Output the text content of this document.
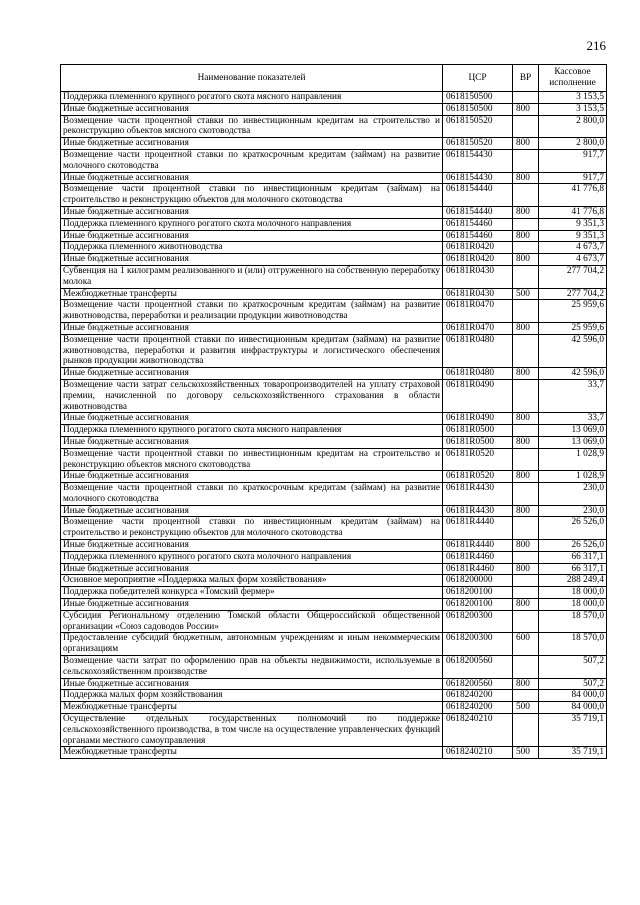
216
Наименование показателей	ЦСР	ВР	Кассовое исполнение
Поддержка племенного крупного рогатого скота мясного направления	0618150500		3 153,5
Иные бюджетные ассигнования	0618150500	800	3 153,5
Возмещение части процентной ставки по инвестиционным кредитам на строительство и реконструкцию объектов мясного скотоводства	0618150520		2 800,0
Иные бюджетные ассигнования	0618150520	800	2 800,0
Возмещение части процентной ставки по краткосрочным кредитам (займам) на развитие молочного скотоводства	0618154430		917,7
Иные бюджетные ассигнования	0618154430	800	917,7
Возмещение части процентной ставки по инвестиционным кредитам (займам) на строительство и реконструкцию объектов для молочного скотоводства	0618154440		41 776,8
Иные бюджетные ассигнования	0618154440	800	41 776,8
Поддержка племенного крупного рогатого скота молочного направления	0618154460		9 351,3
Иные бюджетные ассигнования	0618154460	800	9 351,3
Поддержка племенного животноводства	06181R0420		4 673,7
Иные бюджетные ассигнования	06181R0420	800	4 673,7
Субвенция на 1 килограмм реализованного и (или) отгруженного на собственную переработку молока	06181R0430		277 704,2
Межбюджетные трансферты	06181R0430	500	277 704,2
Возмещение части процентной ставки по краткосрочным кредитам (займам) на развитие животноводства, переработки и реализации продукции животноводства	06181R0470		25 959,6
Иные бюджетные ассигнования	06181R0470	800	25 959,6
Возмещение части процентной ставки по инвестиционным кредитам (займам) на развитие животноводства, переработки и развития инфраструктуры и логистического обеспечения рынков продукции животноводства	06181R0480		42 596,0
Иные бюджетные ассигнования	06181R0480	800	42 596,0
Возмещение части затрат сельскохозяйственных товаропроизводителей на уплату страховой премии, начисленной по договору сельскохозяйственного страхования в области животноводства	06181R0490		33,7
Иные бюджетные ассигнования	06181R0490	800	33,7
Поддержка племенного крупного рогатого скота мясного направления	06181R0500		13 069,0
Иные бюджетные ассигнования	06181R0500	800	13 069,0
Возмещение части процентной ставки по инвестиционным кредитам на строительство и реконструкцию объектов мясного скотоводства	06181R0520		1 028,9
Иные бюджетные ассигнования	06181R0520	800	1 028,9
Возмещение части процентной ставки по краткосрочным кредитам (займам) на развитие молочного скотоводства	06181R4430		230,0
Иные бюджетные ассигнования	06181R4430	800	230,0
Возмещение части процентной ставки по инвестиционным кредитам (займам) на строительство и реконструкцию объектов для молочного скотоводства	06181R4440		26 526,0
Иные бюджетные ассигнования	06181R4440	800	26 526,0
Поддержка племенного крупного рогатого скота молочного направления	06181R4460		66 317,1
Иные бюджетные ассигнования	06181R4460	800	66 317,1
Основное мероприятие «Поддержка малых форм хозяйствования»	0618200000		288 249,4
Поддержка победителей конкурса «Томский фермер»	0618200100		18 000,0
Иные бюджетные ассигнования	0618200100	800	18 000,0
Субсидия Региональному отделению Томской области Общероссийской общественной организации «Союз садоводов России»	0618200300		18 570,0
Предоставление субсидий бюджетным, автономным учреждениям и иным некоммерческим организациям	0618200300	600	18 570,0
Возмещение части затрат по оформлению прав на объекты недвижимости, используемые в сельскохозяйственном производстве	0618200560		507,2
Иные бюджетные ассигнования	0618200560	800	507,2
Поддержка малых форм хозяйствования	0618240200		84 000,0
Межбюджетные трансферты	0618240200	500	84 000,0
Осуществление отдельных государственных полномочий по поддержке сельскохозяйственного производства, в том числе на осуществление управленческих функций органами местного самоуправления	0618240210		35 719,1
Межбюджетные трансферты	0618240210	500	35 719,1
